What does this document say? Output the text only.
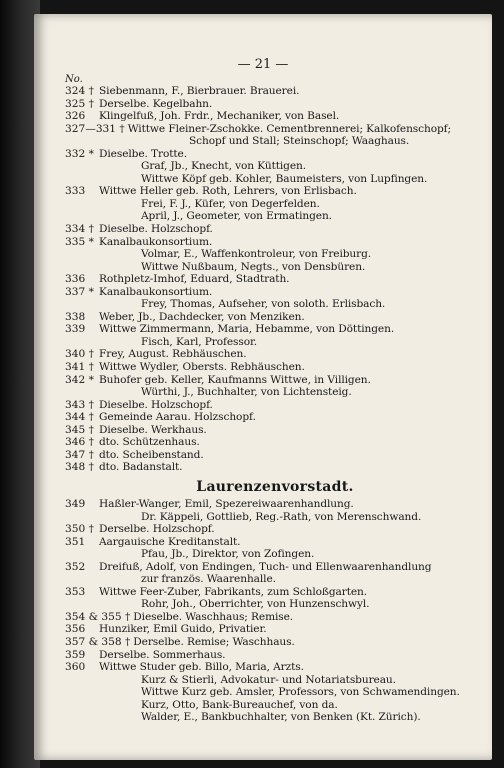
— 21 —
No.
324 † Siebenmann, F., Bierbrauer. Brauerei.
325 † Derselbe. Kegelbahn.
326	Klingelfuß, Joh. Frdr., Mechaniker, von Basel.
327—331 † Wittwe Fleiner-Zschokke. Cementbrennerei; Kalkofenschopf;
Schopf und Stall; Steinschopf; Waaghaus.
332 * Dieselbe. Trotte.
Graf, Jb., Knecht, von Küttigen.
Wittwe Köpf geb. Kohler, Baumeisters, von Lupfingen.
333	Wittwe Heller geb. Roth, Lehrers, von Erlisbach.
Frei, F. J., Küfer, von Degerfelden.
April, J., Geometer, von Ermatingen.
334 † Dieselbe. Holzschopf.
335 * Kanalbaukonsortium.
Volmar, E., Waffenkontroleur, von Freiburg.
Wittwe Nußbaum, Negts., von Densbüren.
336	Rothpletz-Imhof, Eduard, Stadtrath.
337 * Kanalbaukonsortium.
Frey, Thomas, Aufseher, von soloth. Erlisbach.
338	Weber, Jb., Dachdecker, von Menziken.
339	Wittwe Zimmermann, Maria, Hebamme, von Döttingen.
Fisch, Karl, Professor.
340 † Frey, August. Rebhäuschen.
341 † Wittwe Wydler, Obersts. Rebhäuschen.
342 * Buhofer geb. Keller, Kaufmanns Wittwe, in Villigen.
Würthi, J., Buchhalter, von Lichtensteig.
343 † Dieselbe. Holzschopf.
344 † Gemeinde Aarau. Holzschopf.
345 † Dieselbe. Werkhaus.
346 † dto. Schützenhaus.
347 † dto. Scheibenstand.
348 † dto. Badanstalt.
Laurenzenvorstadt.
349	Haßler-Wanger, Emil, Spezereiwaarenhandlung.
Dr. Käppeli, Gottlieb, Reg.-Rath, von Merenschwand.
350 † Derselbe. Holzschopf.
351	Aargauische Kreditanstalt.
Pfau, Jb., Direktor, von Zofingen.
352	Dreifuß, Adolf, von Endingen, Tuch- und Ellenwaarenhandlung
zur französ. Waarenhalle.
353	Wittwe Feer-Zuber, Fabrikants, zum Schloßgarten.
Rohr, Joh., Oberrichter, von Hunzenschwyl.
354 & 355 † Dieselbe. Waschhaus; Remise.
356	Hunziker, Emil Guido, Privatier.
357 & 358 † Derselbe. Remise; Waschhaus.
359	Derselbe. Sommerhaus.
360	Wittwe Studer geb. Billo, Maria, Arzts.
Kurz & Stierli, Advokatur- und Notariatsbureau.
Wittwe Kurz geb. Amsler, Professors, von Schwamendingen.
Kurz, Otto, Bank-Bureauchef, von da.
Walder, E., Bankbuchhalter, von Benken (Kt. Zürich).
